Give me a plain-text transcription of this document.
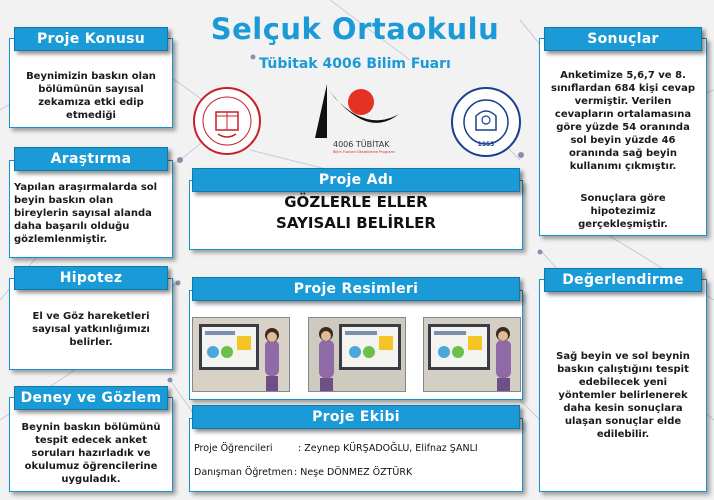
Selçuk Ortaokulu
Tübitak 4006 Bilim Fuarı
4006 TÜBİTAK
Bilim Fuarları Destekleme Programı
1955
Proje Konusu
Beynimizin baskın olan bölümünün sayısal zekamıza etki edip etmediği
Araştırma
Yapılan araşırmalarda sol beyin baskın olan bireylerin sayısal alanda daha başarılı olduğu gözlemlenmiştir.
Hipotez
El ve Göz hareketleri sayısal yatkınlığımızı belirler.
Deney ve Gözlem
Beynin baskın bölümünü tespit edecek anket soruları hazırladık ve okulumuz öğrencilerine uyguladık.
Proje Adı
GÖZLERLE ELLER
SAYISALI BELİRLER
Proje Resimleri
Proje Ekibi
Proje Öğrencileri	: Zeynep KÜRŞADOĞLU, Elifnaz ŞANLI
Danışman Öğretmen : Neşe DÖNMEZ ÖZTÜRK
Sonuçlar
Anketimize 5,6,7 ve 8. sınıflardan 684 kişi cevap vermiştir. Verilen cevapların ortalamasına göre yüzde 54 oranında sol beyin yüzde 46 oranında sağ beyin kullanımı çıkmıştır.
Sonuçlara göre hipotezimiz gerçekleşmiştir.
Değerlendirme
Sağ beyin ve sol beynin baskın çalıştığını tespit edebilecek yeni yöntemler belirlenerek daha kesin sonuçlara ulaşan sonuçlar elde edilebilir.
